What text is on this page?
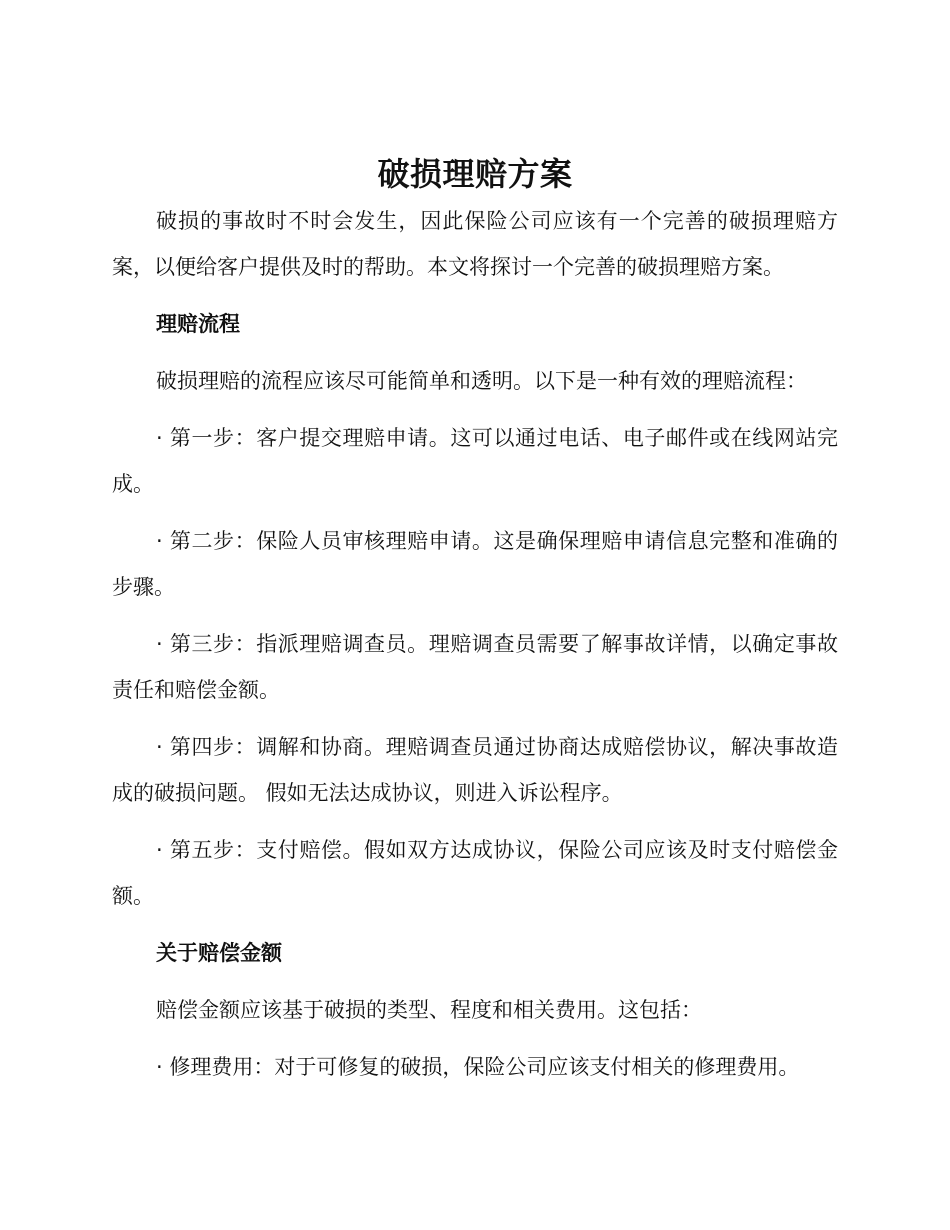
破损理赔方案

破损的事故时不时会发生，因此保险公司应该有一个完善的破损理赔方案，以便给客户提供及时的帮助。本文将探讨一个完善的破损理赔方案。

理赔流程

破损理赔的流程应该尽可能简单和透明。以下是一种有效的理赔流程：

· 第一步：客户提交理赔申请。这可以通过电话、电子邮件或在线网站完成。

· 第二步：保险人员审核理赔申请。这是确保理赔申请信息完整和准确的步骤。

· 第三步：指派理赔调查员。理赔调查员需要了解事故详情，以确定事故责任和赔偿金额。

· 第四步：调解和协商。理赔调查员通过协商达成赔偿协议，解决事故造成的破损问题。 假如无法达成协议，则进入诉讼程序。

· 第五步：支付赔偿。假如双方达成协议，保险公司应该及时支付赔偿金额。

关于赔偿金额

赔偿金额应该基于破损的类型、程度和相关费用。这包括：

· 修理费用：对于可修复的破损，保险公司应该支付相关的修理费用。
